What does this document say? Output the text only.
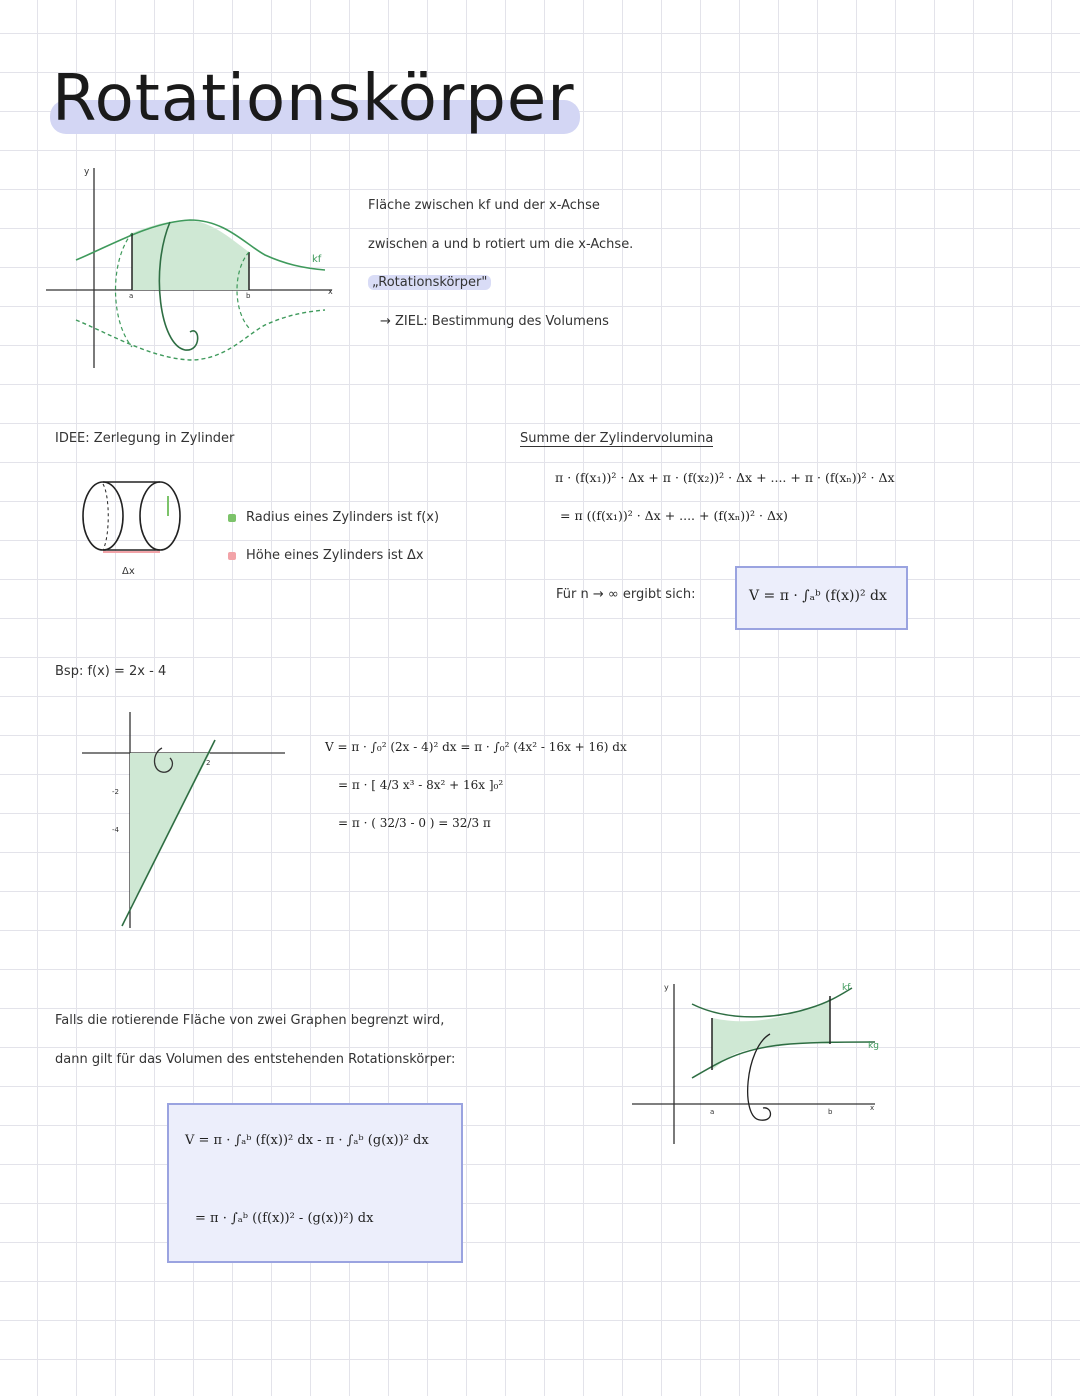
Rotationskörper
y
x
a	b
kf
Fläche zwischen kf und der x-Achse
zwischen a und b rotiert um die x-Achse.
„Rotationskörper"
→ ZIEL: Bestimmung des Volumens
IDEE: Zerlegung in Zylinder
Δx
Radius eines Zylinders ist f(x)
Höhe eines Zylinders ist Δx
Summe der Zylindervolumina
π · (f(x₁))² · Δx + π · (f(x₂))² · Δx + .... + π · (f(xₙ))² · Δx
= π ((f(x₁))² · Δx + .... + (f(xₙ))² · Δx)
Für n → ∞ ergibt sich:	V = π · ∫ₐᵇ (f(x))² dx
Bsp: f(x) = 2x - 4
2
-2
-4
V = π · ∫₀² (2x - 4)² dx = π · ∫₀² (4x² - 16x + 16) dx
= π · [ 4/3 x³ - 8x² + 16x ]₀²
= π · ( 32/3 - 0 ) = 32/3 π
Falls die rotierende Fläche von zwei Graphen begrenzt wird,
dann gilt für das Volumen des entstehenden Rotationskörper:
V = π · ∫ₐᵇ (f(x))² dx - π · ∫ₐᵇ (g(x))² dx
= π · ∫ₐᵇ ((f(x))² - (g(x))²) dx
y
x
a	b
kf
kg
